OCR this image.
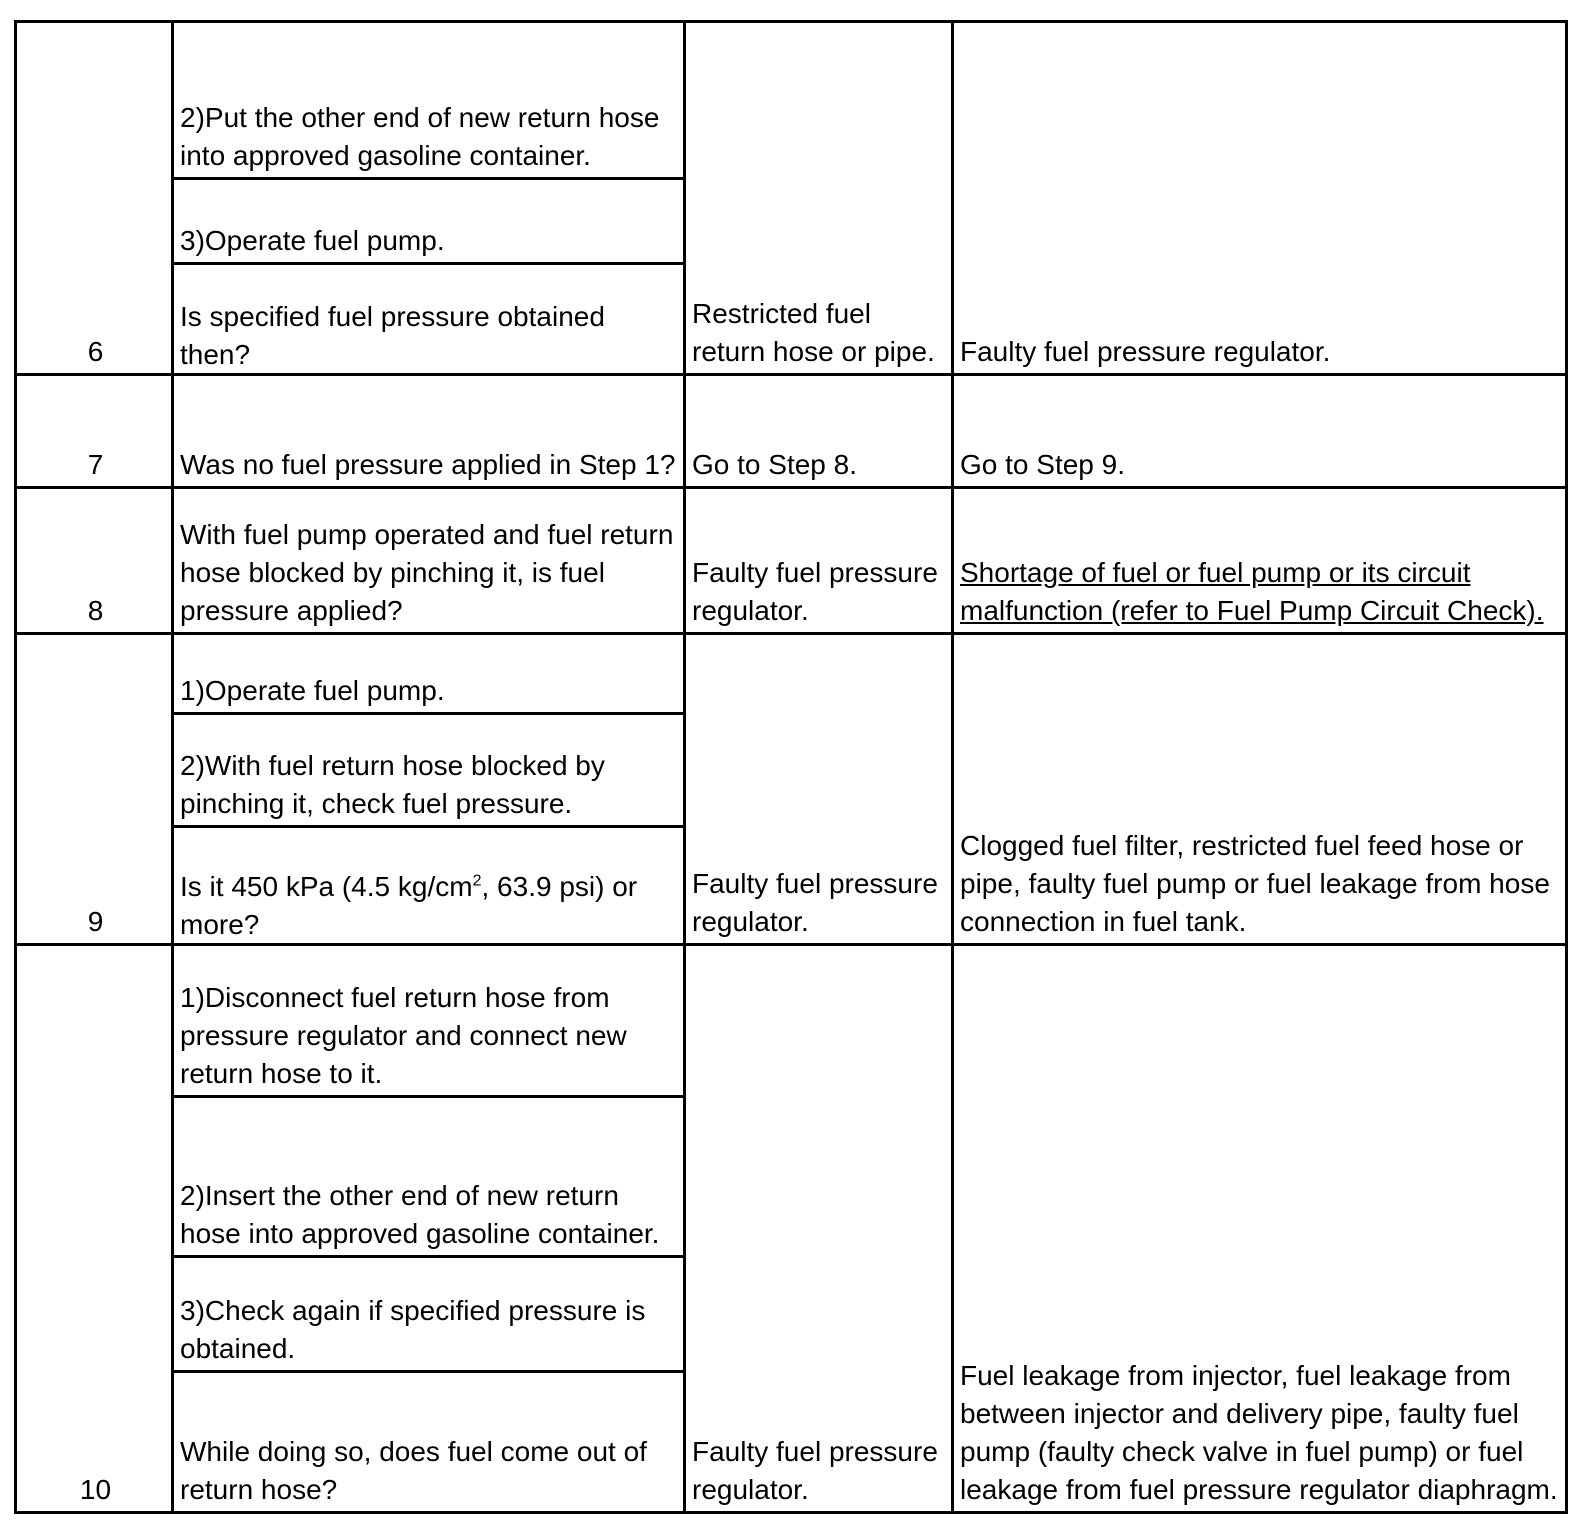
6
2)Put the other end of new return hose into approved gasoline container.
3)Operate fuel pump.
Is specified fuel pressure obtained then?
Restricted fuel return hose or pipe. Faulty fuel pressure regulator.
7	Was no fuel pressure applied in Step 1? Go to Step 8.	Go to Step 9.
8
With fuel pump operated and fuel return hose blocked by pinching it, is fuel pressure applied?
Faulty fuel pressure regulator.
Shortage of fuel or fuel pump or its circuit malfunction (refer to Fuel Pump Circuit Check).
9
1)Operate fuel pump.
2)With fuel return hose blocked by pinching it, check fuel pressure.
Is it 450 kPa (4.5 $kg/cm^2$, 63.9 psi) or more?
Faulty fuel pressure regulator.
Clogged fuel filter, restricted fuel feed hose or pipe, faulty fuel pump or fuel leakage from hose connection in fuel tank.
10
1)Disconnect fuel return hose from pressure regulator and connect new return hose to it.
2)Insert the other end of new return hose into approved gasoline container.
3)Check again if specified pressure is obtained.
While doing so, does fuel come out of return hose?
Faulty fuel pressure regulator.
Fuel leakage from injector, fuel leakage from between injector and delivery pipe, faulty fuel pump (faulty check valve in fuel pump) or fuel leakage from fuel pressure regulator diaphragm.
